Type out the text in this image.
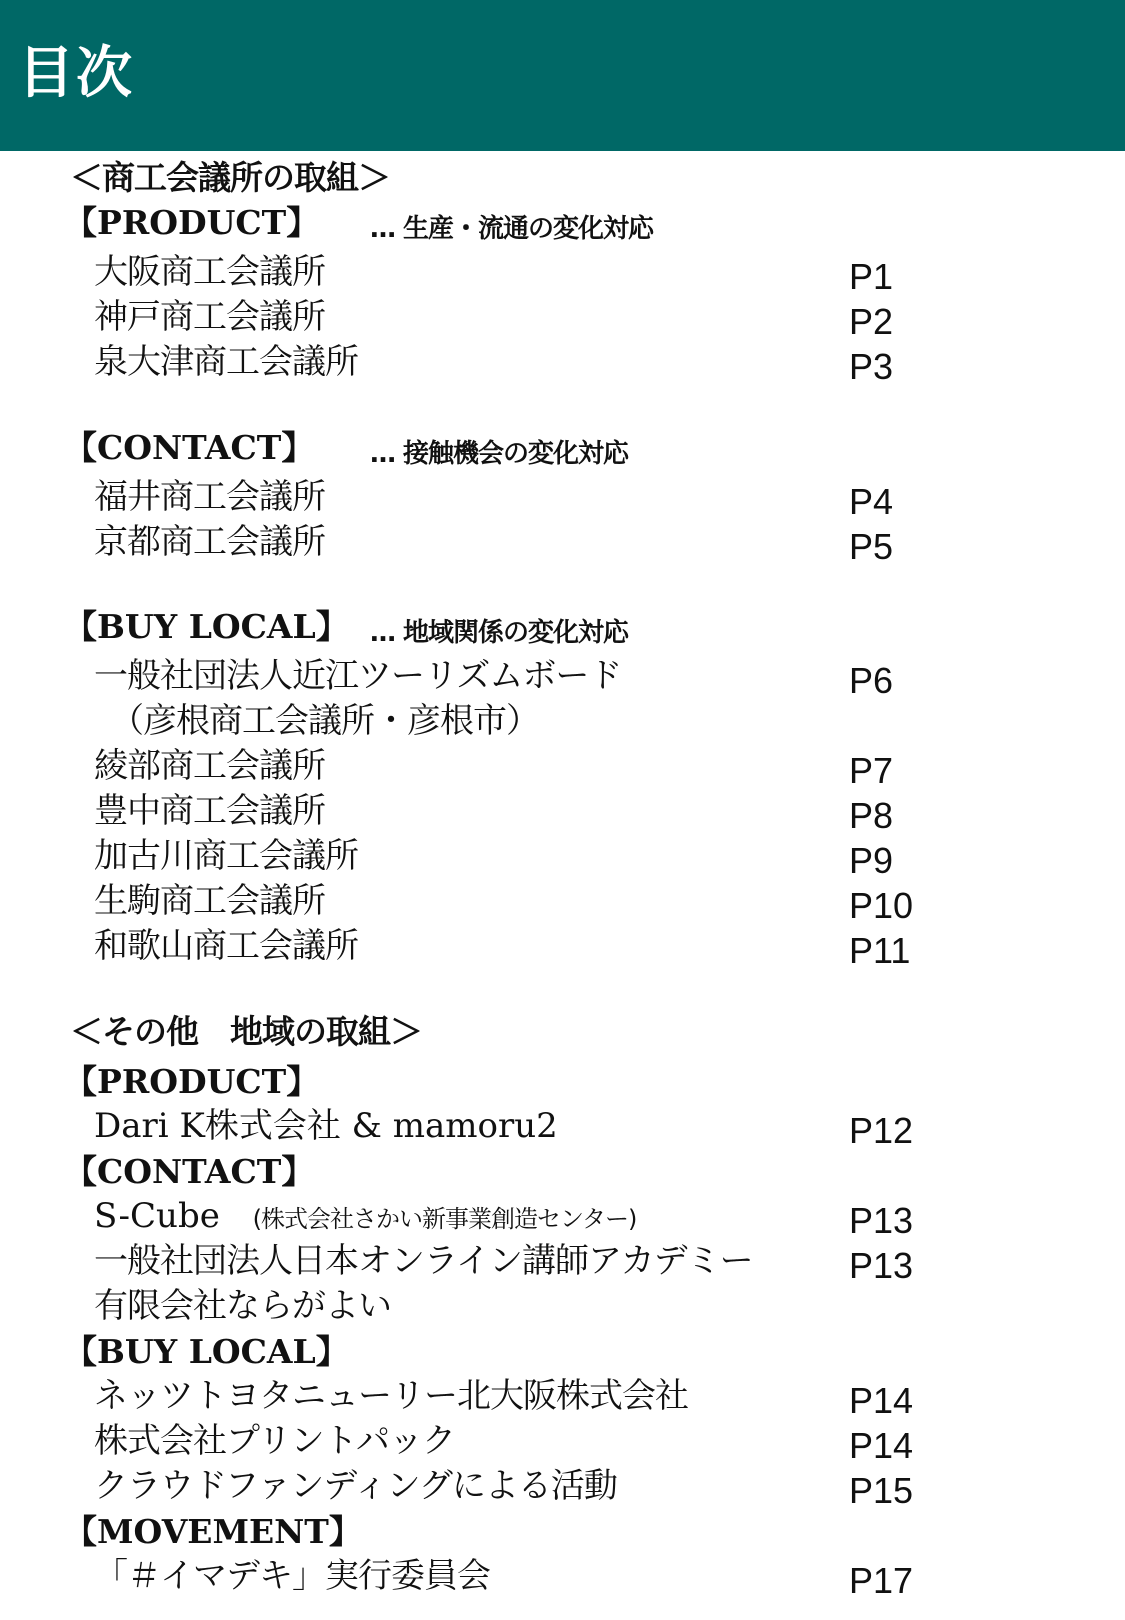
目次
＜商工会議所の取組＞
【PRODUCT】 … 生産・流通の変化対応
大阪商工会議所	P1
神戸商工会議所	P2
泉大津商工会議所	P3
【CONTACT】 … 接触機会の変化対応
福井商工会議所	P4
京都商工会議所	P5
【BUY LOCAL】 … 地域関係の変化対応
一般社団法人近江ツーリズムボード	P6
（彦根商工会議所・彦根市）
綾部商工会議所	P7
豊中商工会議所	P8
加古川商工会議所	P9
生駒商工会議所	P10
和歌山商工会議所	P11
＜その他　地域の取組＞
【PRODUCT】
Dari K株式会社 & mamoru2	P12
【CONTACT】
S-Cube (株式会社さかい新事業創造センター)	P13
一般社団法人日本オンライン講師アカデミー	P13
有限会社ならがよい
【BUY LOCAL】
ネッツトヨタニューリー北大阪株式会社	P14
株式会社プリントパック	P14
クラウドファンディングによる活動	P15
【MOVEMENT】
「＃イマデキ」実行委員会	P17
